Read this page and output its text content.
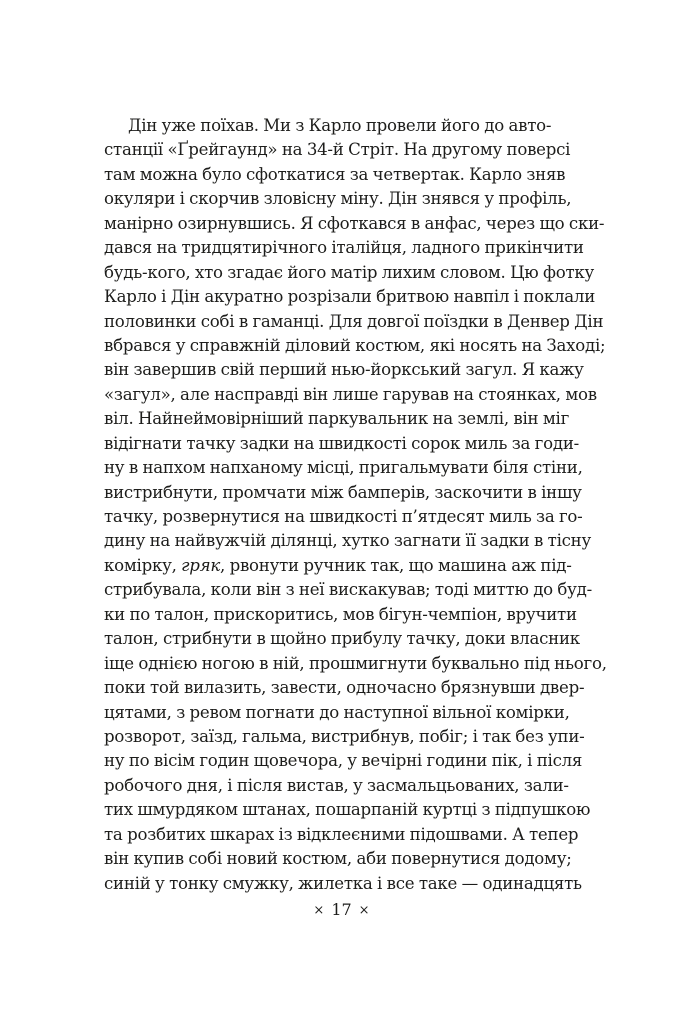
Дін уже поїхав. Ми з Карло провели його до авто-
станції «Ґрейгаунд» на 34-й Стріт. На другому поверсі
там можна було сфоткатися за четвертак. Карло зняв
окуляри і скорчив зловісну міну. Дін знявся у профіль,
манірно озирнувшись. Я сфоткався в анфас, через що ски-
дався на тридцятирічного італійця, ладного прикінчити
будь-кого, хто згадає його матір лихим словом. Цю фотку
Карло і Дін акуратно розрізали бритвою навпіл і поклали
половинки собі в гаманці. Для довгої поїздки в Денвер Дін
вбрався у справжній діловий костюм, які носять на Заході;
він завершив свій перший нью-йоркський загул. Я кажу
«загул», але насправді він лише гарував на стоянках, мов
віл. Найнеймовірніший паркувальник на землі, він міг
відігнати тачку задки на швидкості сорок миль за годи-
ну в напхом напханому місці, пригальмувати біля стіни,
вистрибнути, промчати між бамперів, заскочити в іншу
тачку, розвернутися на швидкості п’ятдесят миль за го-
дину на найвужчій ділянці, хутко загнати її задки в тісну
комірку, гряк, рвонути ручник так, що машина аж під-
стрибувала, коли він з неї вискакував; тоді миттю до буд-
ки по талон, прискоритись, мов бігун-чемпіон, вручити
талон, стрибнути в щойно прибулу тачку, доки власник
іще однією ногою в ній, прошмигнути буквально під нього,
поки той вилазить, завести, одночасно брязнувши двер-
цятами, з ревом погнати до наступної вільної комірки,
розворот, заїзд, гальма, вистрибнув, побіг; і так без упи-
ну по вісім годин щовечора, у вечірні години пік, і після
робочого дня, і після вистав, у засмальцьованих, зали-
тих шмурдяком штанах, пошарпаній куртці з підпушкою
та розбитих шкарах із відклеєними підошвами. А тепер
він купив собі новий костюм, аби повернутися додому;
синій у тонку смужку, жилетка і все таке — одинадцять
× 17 ×
